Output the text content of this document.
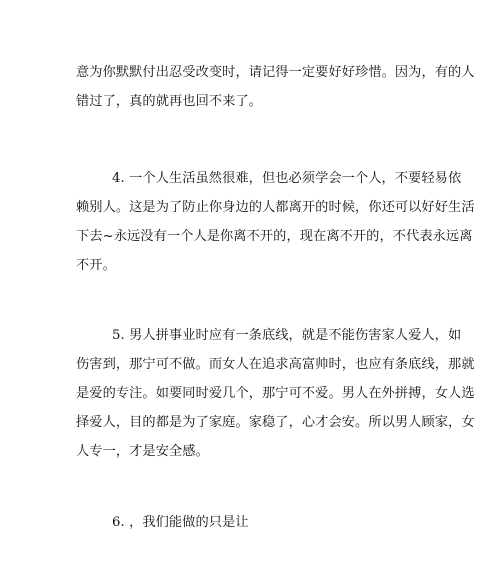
意为你默默付出忍受改变时，请记得一定要好好珍惜。因为，有的人
错过了，真的就再也回不来了。

4. 一个人生活虽然很难，但也必须学会一个人，不要轻易依
赖别人。这是为了防止你身边的人都离开的时候，你还可以好好生活
下去~永远没有一个人是你离不开的，现在离不开的，不代表永远离
不开。

5. 男人拼事业时应有一条底线，就是不能伤害家人爱人，如
伤害到，那宁可不做。而女人在追求高富帅时，也应有条底线，那就
是爱的专注。如要同时爱几个，那宁可不爱。男人在外拼搏，女人选
择爱人，目的都是为了家庭。家稳了，心才会安。所以男人顾家，女
人专一，才是安全感。

6. ，我们能做的只是让
